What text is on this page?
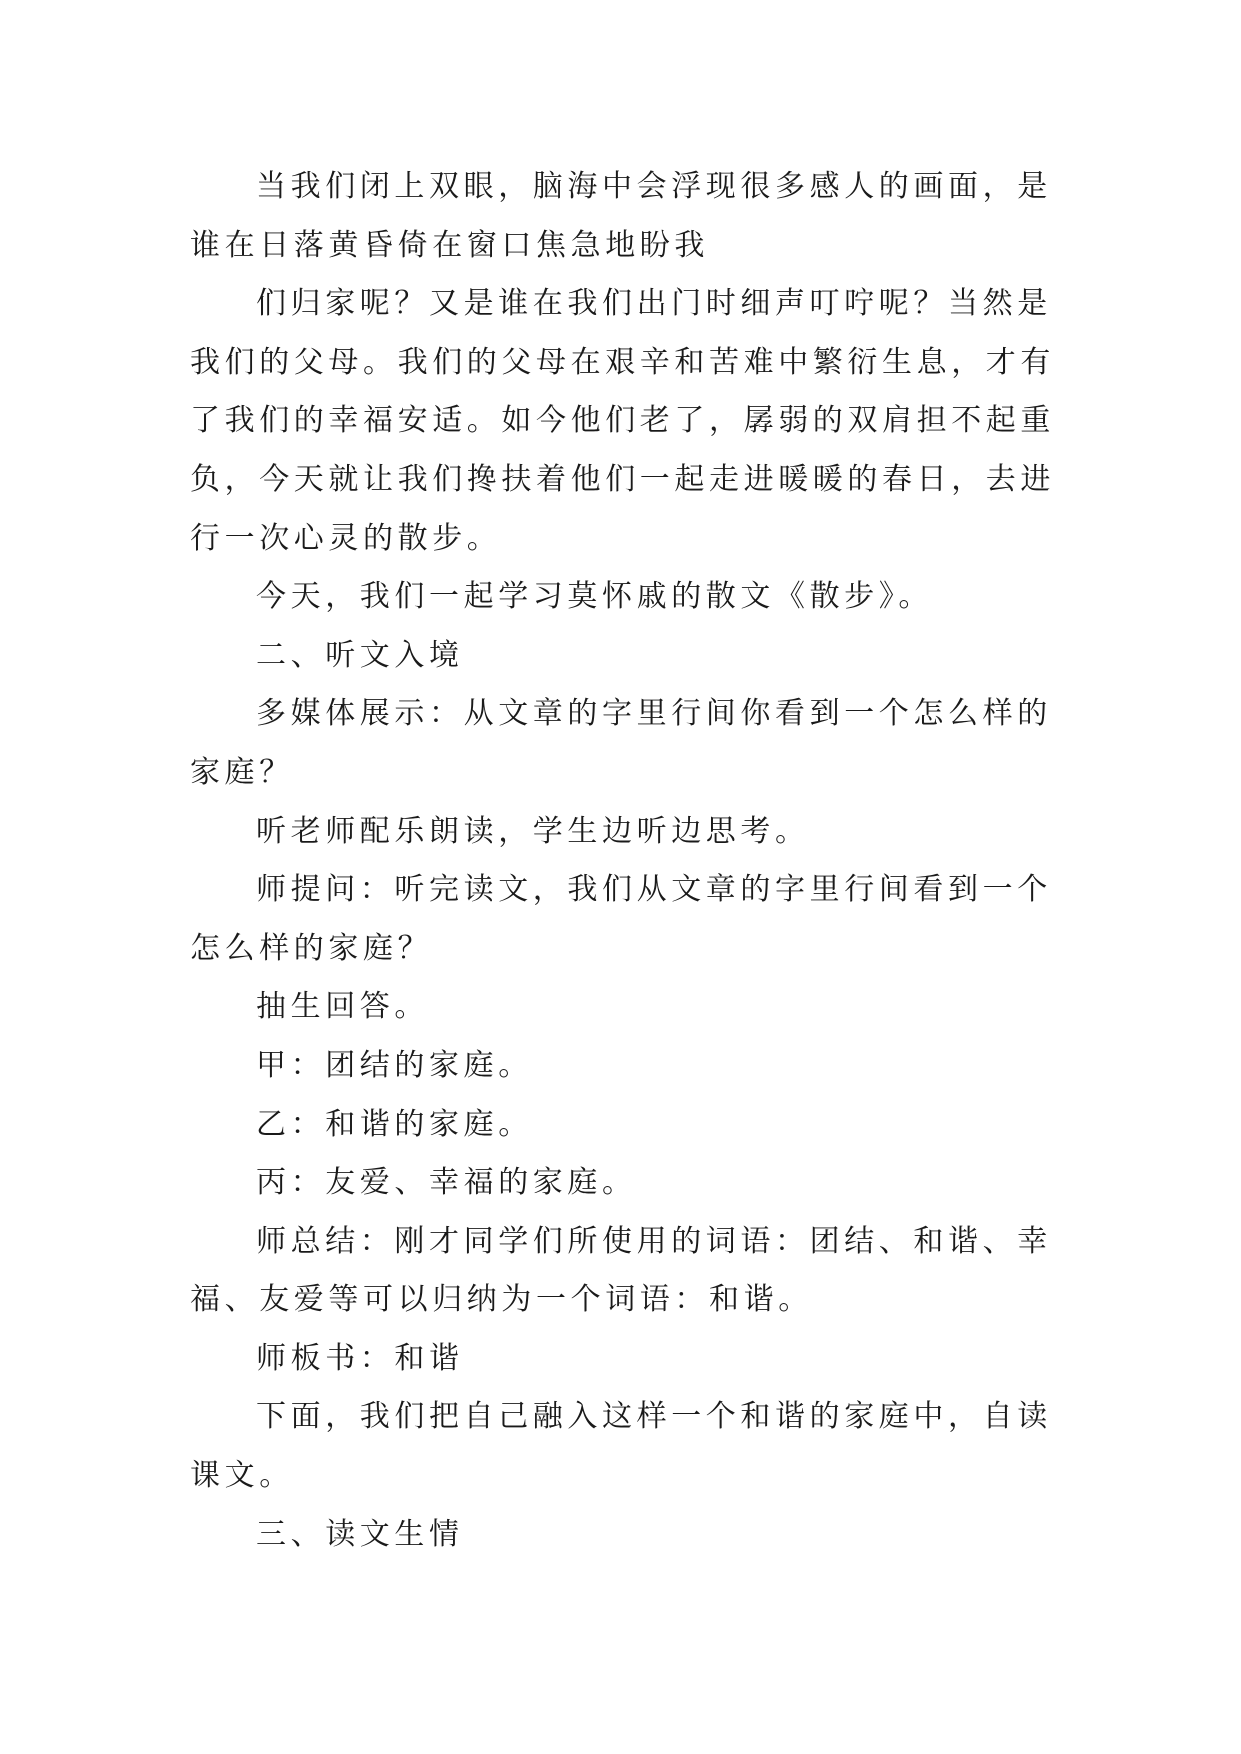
当我们闭上双眼，脑海中会浮现很多感人的画面，是谁在日落黄昏倚在窗口焦急地盼我

们归家呢？又是谁在我们出门时细声叮咛呢？当然是我们的父母。我们的父母在艰辛和苦难中繁衍生息，才有了我们的幸福安适。如今他们老了，孱弱的双肩担不起重负，今天就让我们搀扶着他们一起走进暖暖的春日，去进行一次心灵的散步。

今天，我们一起学习莫怀戚的散文《散步》。

二、听文入境

多媒体展示：从文章的字里行间你看到一个怎么样的家庭？

听老师配乐朗读，学生边听边思考。

师提问：听完读文，我们从文章的字里行间看到一个怎么样的家庭？

抽生回答。

甲：团结的家庭。

乙：和谐的家庭。

丙：友爱、幸福的家庭。

师总结：刚才同学们所使用的词语：团结、和谐、幸福、友爱等可以归纳为一个词语：和谐。

师板书：和谐

下面，我们把自己融入这样一个和谐的家庭中，自读课文。

三、读文生情
